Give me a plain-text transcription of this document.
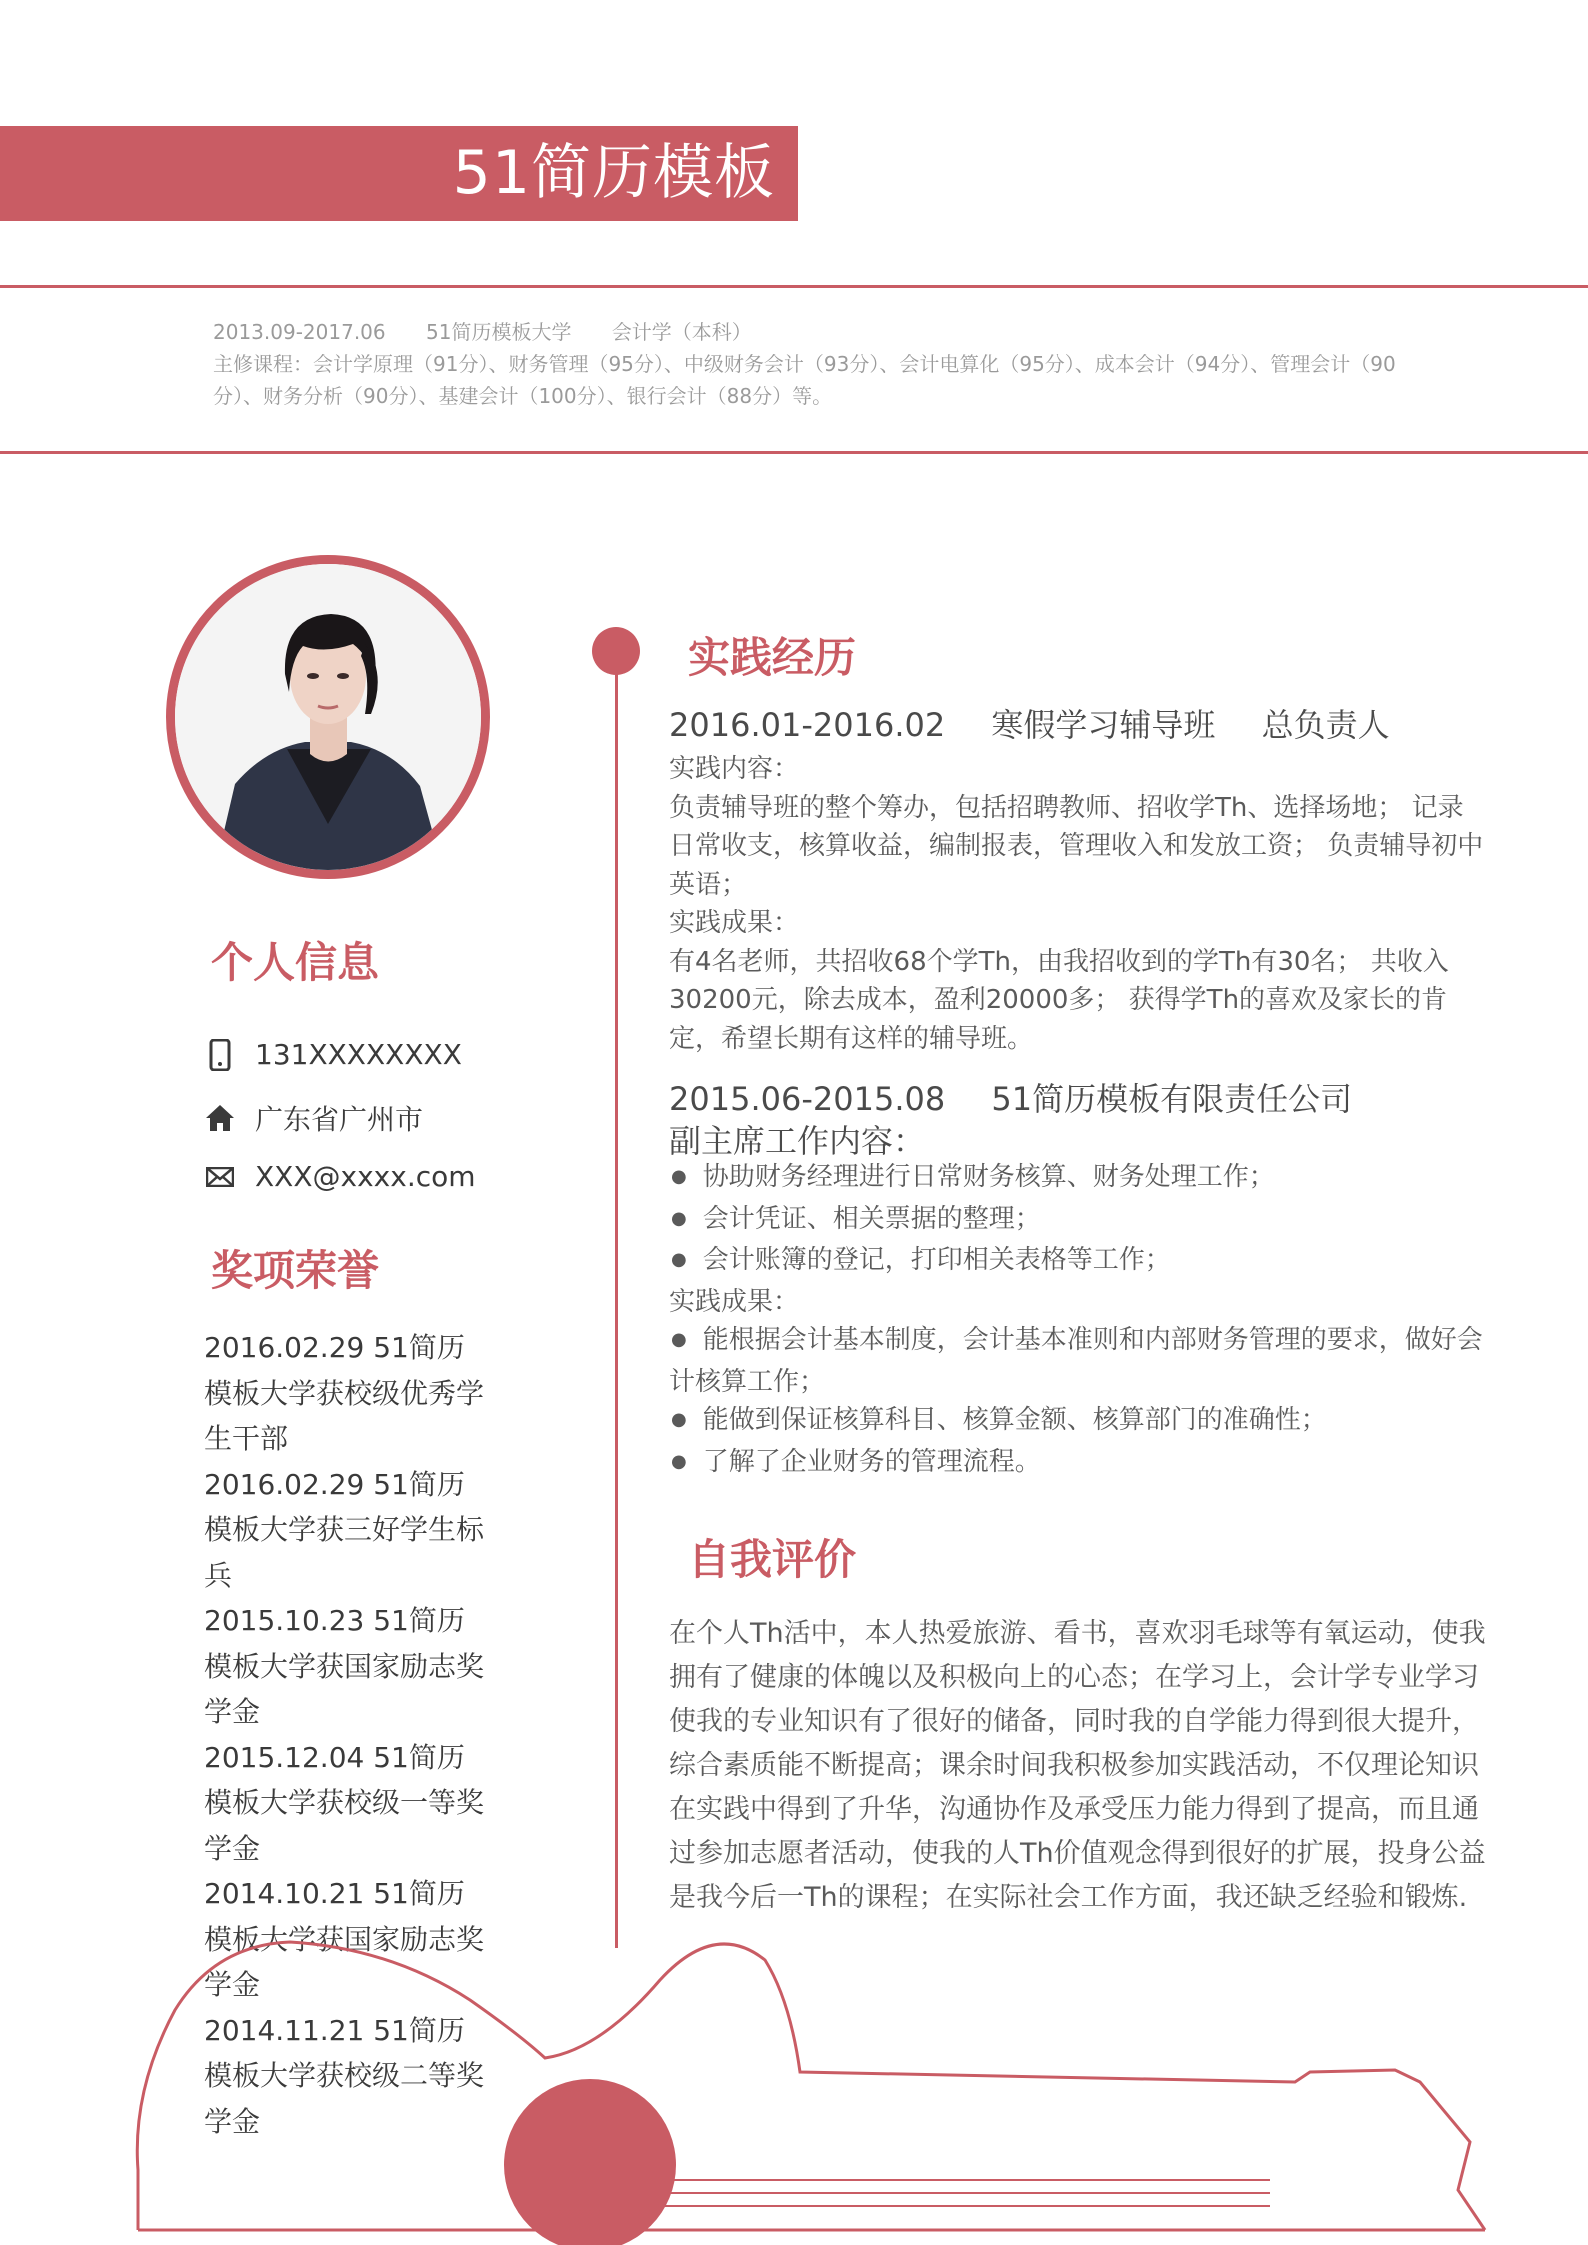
51简历模板
2013.09-2017.06 51简历模板大学 会计学（本科）
主修课程：会计学原理（91分）、财务管理（95分）、中级财务会计（93分）、会计电算化（95分）、成本会计（94分）、管理会计（90分）、财务分析（90分）、基建会计（100分）、银行会计（88分）等。
个人信息
131XXXXXXXX
广东省广州市
XXX@xxxx.com
奖项荣誉
2016.02.29 51简历模板大学获校级优秀学生干部
2016.02.29 51简历模板大学获三好学生标兵
2015.10.23 51简历模板大学获国家励志奖学金
2015.12.04 51简历模板大学获校级一等奖学金
2014.10.21 51简历模板大学获国家励志奖学金
2014.11.21 51简历模板大学获校级二等奖学金
实践经历
2016.01-2016.02 寒假学习辅导班 总负责人
实践内容：
负责辅导班的整个筹办，包括招聘教师、招收学Th、选择场地； 记录日常收支，核算收益，编制报表，管理收入和发放工资； 负责辅导初中英语；
实践成果：
有4名老师，共招收68个学Th，由我招收到的学Th有30名； 共收入30200元，除去成本，盈利20000多； 获得学Th的喜欢及家长的肯定，希望长期有这样的辅导班。
2015.06-2015.08 51简历模板有限责任公司
副主席工作内容：
● 协助财务经理进行日常财务核算、财务处理工作；
● 会计凭证、相关票据的整理；
● 会计账簿的登记，打印相关表格等工作；
实践成果：
● 能根据会计基本制度，会计基本准则和内部财务管理的要求，做好会计核算工作；
● 能做到保证核算科目、核算金额、核算部门的准确性；
● 了解了企业财务的管理流程。
自我评价
在个人Th活中，本人热爱旅游、看书，喜欢羽毛球等有氧运动，使我拥有了健康的体魄以及积极向上的心态；在学习上，会计学专业学习使我的专业知识有了很好的储备，同时我的自学能力得到很大提升，综合素质能不断提高；课余时间我积极参加实践活动，不仅理论知识在实践中得到了升华，沟通协作及承受压力能力得到了提高，而且通过参加志愿者活动，使我的人Th价值观念得到很好的扩展，投身公益是我今后一Th的课程；在实际社会工作方面，我还缺乏经验和锻炼.
